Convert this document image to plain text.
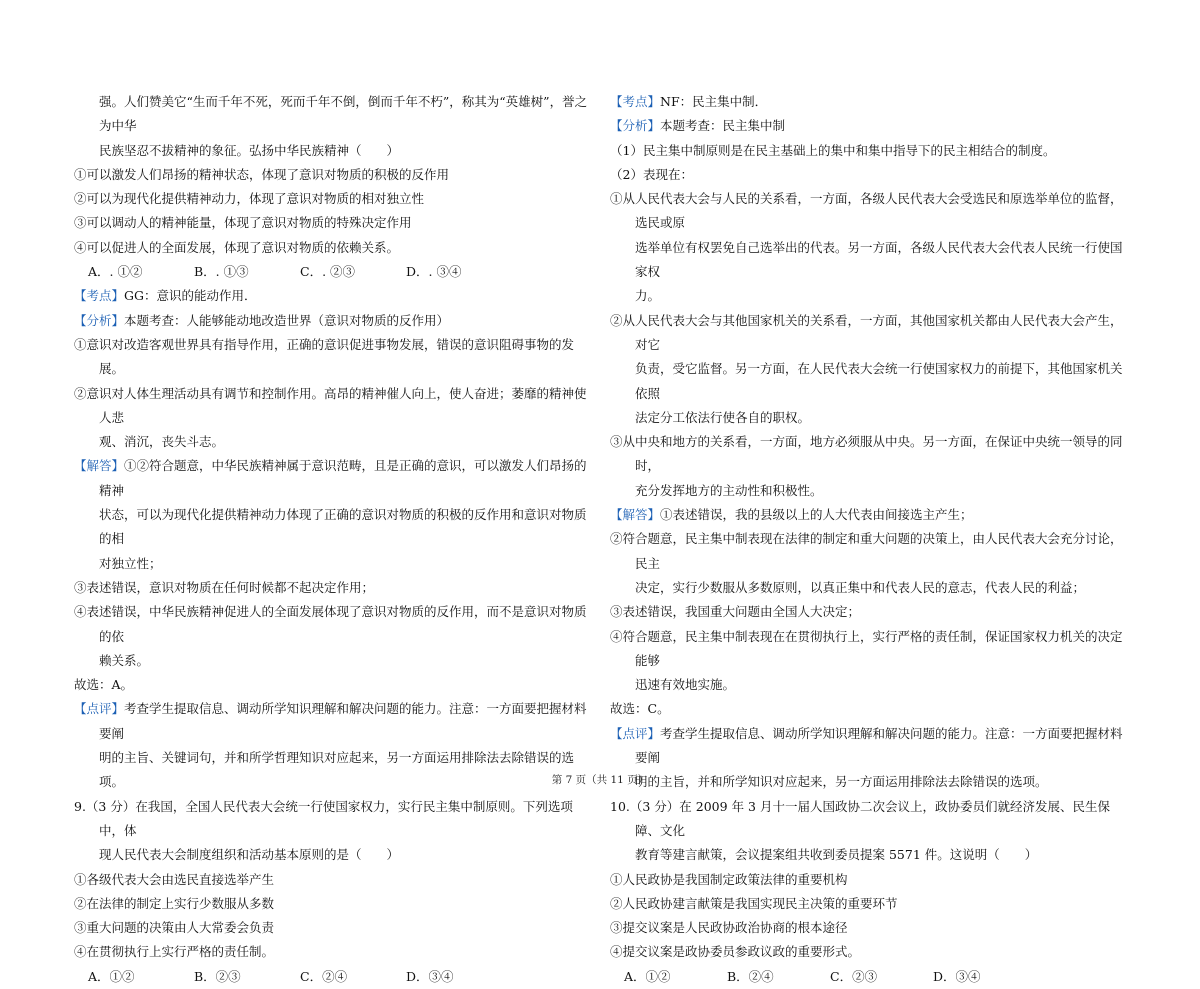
强。人们赞美它“生而千年不死，死而千年不倒，倒而千年不朽”，称其为“英雄树”，誉之为中华

民族坚忍不拔精神的象征。弘扬中华民族精神（　　）

①可以激发人们昂扬的精神状态，体现了意识对物质的积极的反作用

②可以为现代化提供精神动力，体现了意识对物质的相对独立性

③可以调动人的精神能量，体现了意识对物质的特殊决定作用

④可以促进人的全面发展，体现了意识对物质的依赖关系。

A．. ①②	B．. ①③	C．. ②③	D．. ③④

【考点】GG：意识的能动作用．

【分析】本题考查：人能够能动地改造世界（意识对物质的反作用）

①意识对改造客观世界具有指导作用，正确的意识促进事物发展，错误的意识阻碍事物的发展。

②意识对人体生理活动具有调节和控制作用。高昂的精神催人向上，使人奋进；萎靡的精神使人悲

观、消沉，丧失斗志。

【解答】①②符合题意，中华民族精神属于意识范畴，且是正确的意识，可以激发人们昂扬的精神

状态，可以为现代化提供精神动力体现了正确的意识对物质的积极的反作用和意识对物质的相

对独立性；

③表述错误，意识对物质在任何时候都不起决定作用；

④表述错误，中华民族精神促进人的全面发展体现了意识对物质的反作用，而不是意识对物质的依

赖关系。

故选：A。

【点评】考查学生提取信息、调动所学知识理解和解决问题的能力。注意：一方面要把握材料要阐

明的主旨、关键词句，并和所学哲理知识对应起来，另一方面运用排除法去除错误的选项。

9.（3 分）在我国，全国人民代表大会统一行使国家权力，实行民主集中制原则。下列选项中，体

现人民代表大会制度组织和活动基本原则的是（　　）

①各级代表大会由选民直接选举产生

②在法律的制定上实行少数服从多数

③重大问题的决策由人大常委会负责

④在贯彻执行上实行严格的责任制。

A．①②	B．②③	C．②④	D．③④

【考点】NF：民主集中制．

【分析】本题考查：民主集中制

（1）民主集中制原则是在民主基础上的集中和集中指导下的民主相结合的制度。

（2）表现在：

①从人民代表大会与人民的关系看，一方面，各级人民代表大会受选民和原选举单位的监督，选民或原

选举单位有权罢免自己选举出的代表。另一方面，各级人民代表大会代表人民统一行使国家权

力。

②从人民代表大会与其他国家机关的关系看，一方面，其他国家机关都由人民代表大会产生，对它

负责，受它监督。另一方面，在人民代表大会统一行使国家权力的前提下，其他国家机关依照

法定分工依法行使各自的职权。

③从中央和地方的关系看，一方面，地方必须服从中央。另一方面，在保证中央统一领导的同时，

充分发挥地方的主动性和积极性。

【解答】①表述错误，我的县级以上的人大代表由间接选主产生；

②符合题意，民主集中制表现在法律的制定和重大问题的决策上，由人民代表大会充分讨论，民主

决定，实行少数服从多数原则，以真正集中和代表人民的意志，代表人民的利益；

③表述错误，我国重大问题由全国人大决定；

④符合题意，民主集中制表现在在贯彻执行上，实行严格的责任制，保证国家权力机关的决定能够

迅速有效地实施。

故选：C。

【点评】考查学生提取信息、调动所学知识理解和解决问题的能力。注意：一方面要把握材料要阐

明的主旨，并和所学知识对应起来，另一方面运用排除法去除错误的选项。

10.（3 分）在 2009 年 3 月十一届人国政协二次会议上，政协委员们就经济发展、民生保障、文化

教育等建言献策，会议提案组共收到委员提案 5571 件。这说明（　　）

①人民政协是我国制定政策法律的重要机构

②人民政协建言献策是我国实现民主决策的重要环节

③提交议案是人民政协政治协商的根本途径

④提交议案是政协委员参政议政的重要形式。

A．①②	B．②④	C．②③	D．③④
第 7 页（共 11 页）
